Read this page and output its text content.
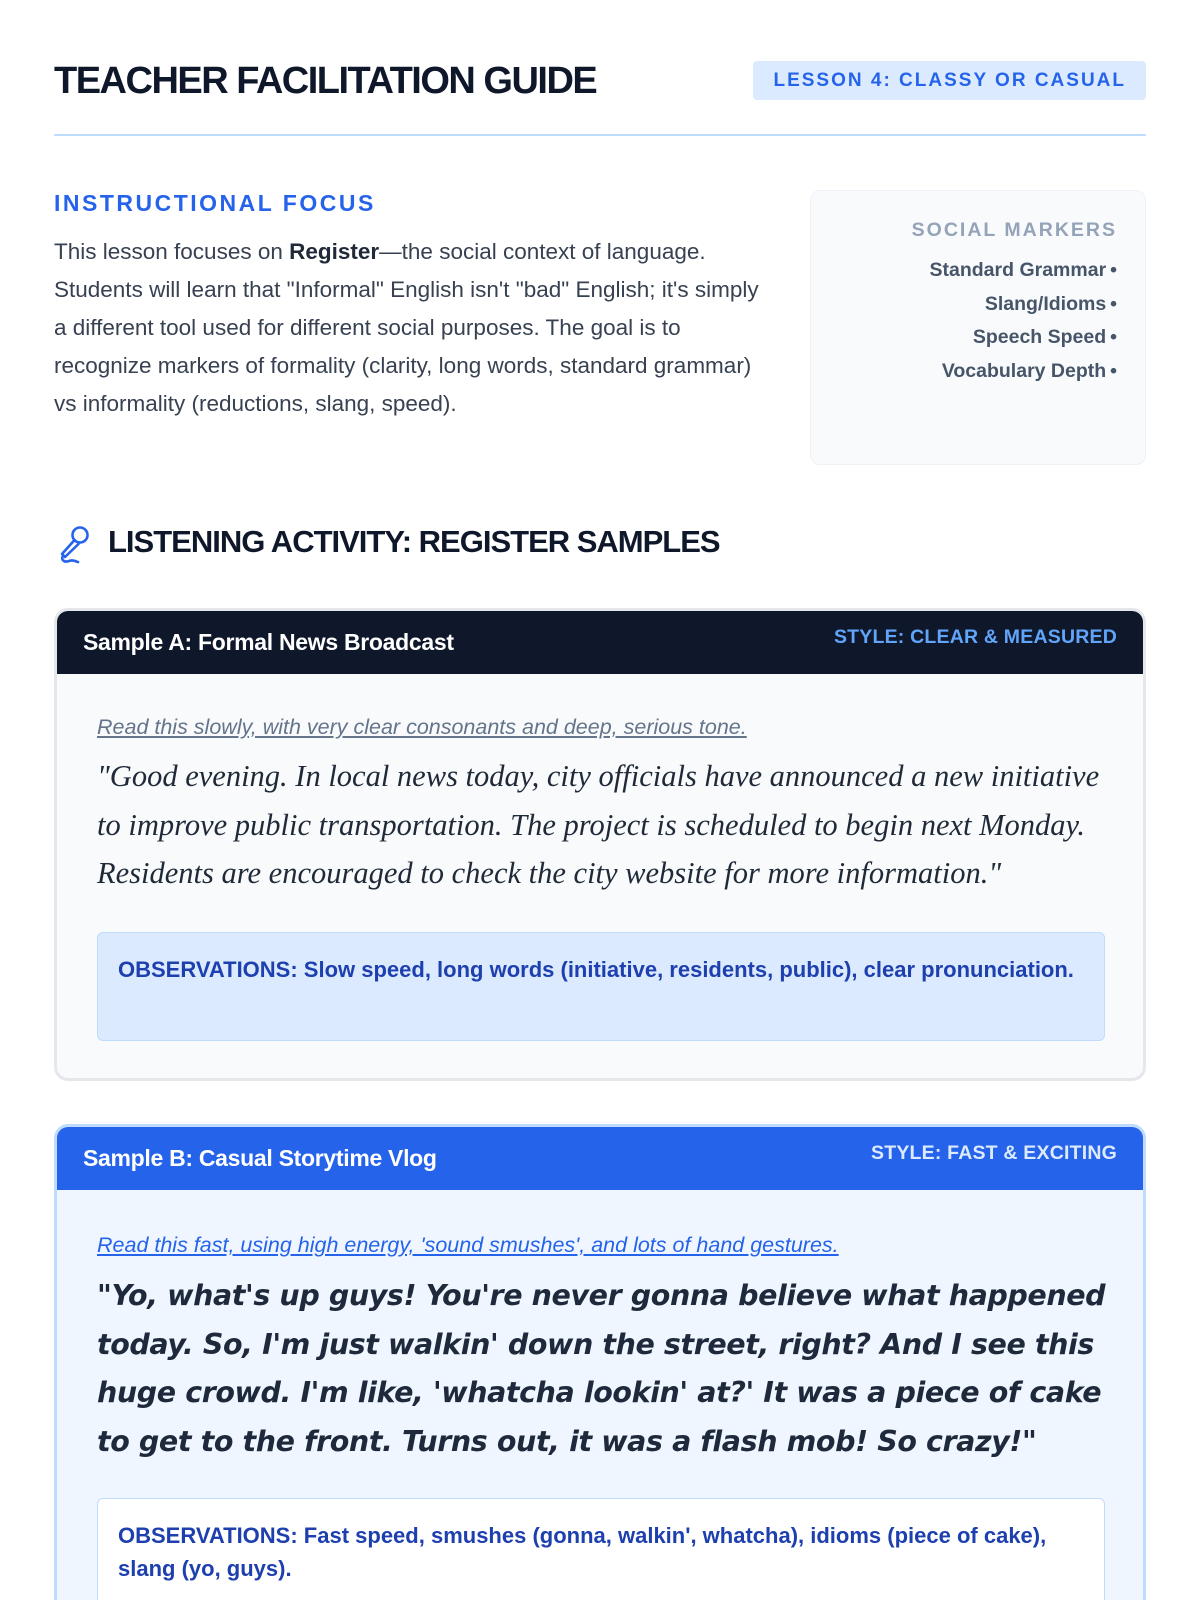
TEACHER FACILITATION GUIDE	LESSON 4: CLASSY OR CASUAL
INSTRUCTIONAL FOCUS

This lesson focuses on Register—the social context of language. Students will learn that "Informal" English isn't "bad" English; it's simply a different tool used for different social purposes. The goal is to recognize markers of formality (clarity, long words, standard grammar) vs informality (reductions, slang, speed).

SOCIAL MARKERS
Standard Grammar •
Slang/Idioms •
Speech Speed •
Vocabulary Depth •
LISTENING ACTIVITY: REGISTER SAMPLES
Sample A: Formal News Broadcast	STYLE: CLEAR & MEASURED
Read this slowly, with very clear consonants and deep, serious tone.
"Good evening. In local news today, city officials have announced a new initiative to improve public transportation. The project is scheduled to begin next Monday. Residents are encouraged to check the city website for more information."
OBSERVATIONS: Slow speed, long words (initiative, residents, public), clear pronunciation.
Sample B: Casual Storytime Vlog	STYLE: FAST & EXCITING
Read this fast, using high energy, 'sound smushes', and lots of hand gestures.
"Yo, what's up guys! You're never gonna believe what happened today. So, I'm just walkin' down the street, right? And I see this huge crowd. I'm like, 'whatcha lookin' at?' It was a piece of cake to get to the front. Turns out, it was a flash mob! So crazy!"
OBSERVATIONS: Fast speed, smushes (gonna, walkin', whatcha), idioms (piece of cake), slang (yo, guys).
